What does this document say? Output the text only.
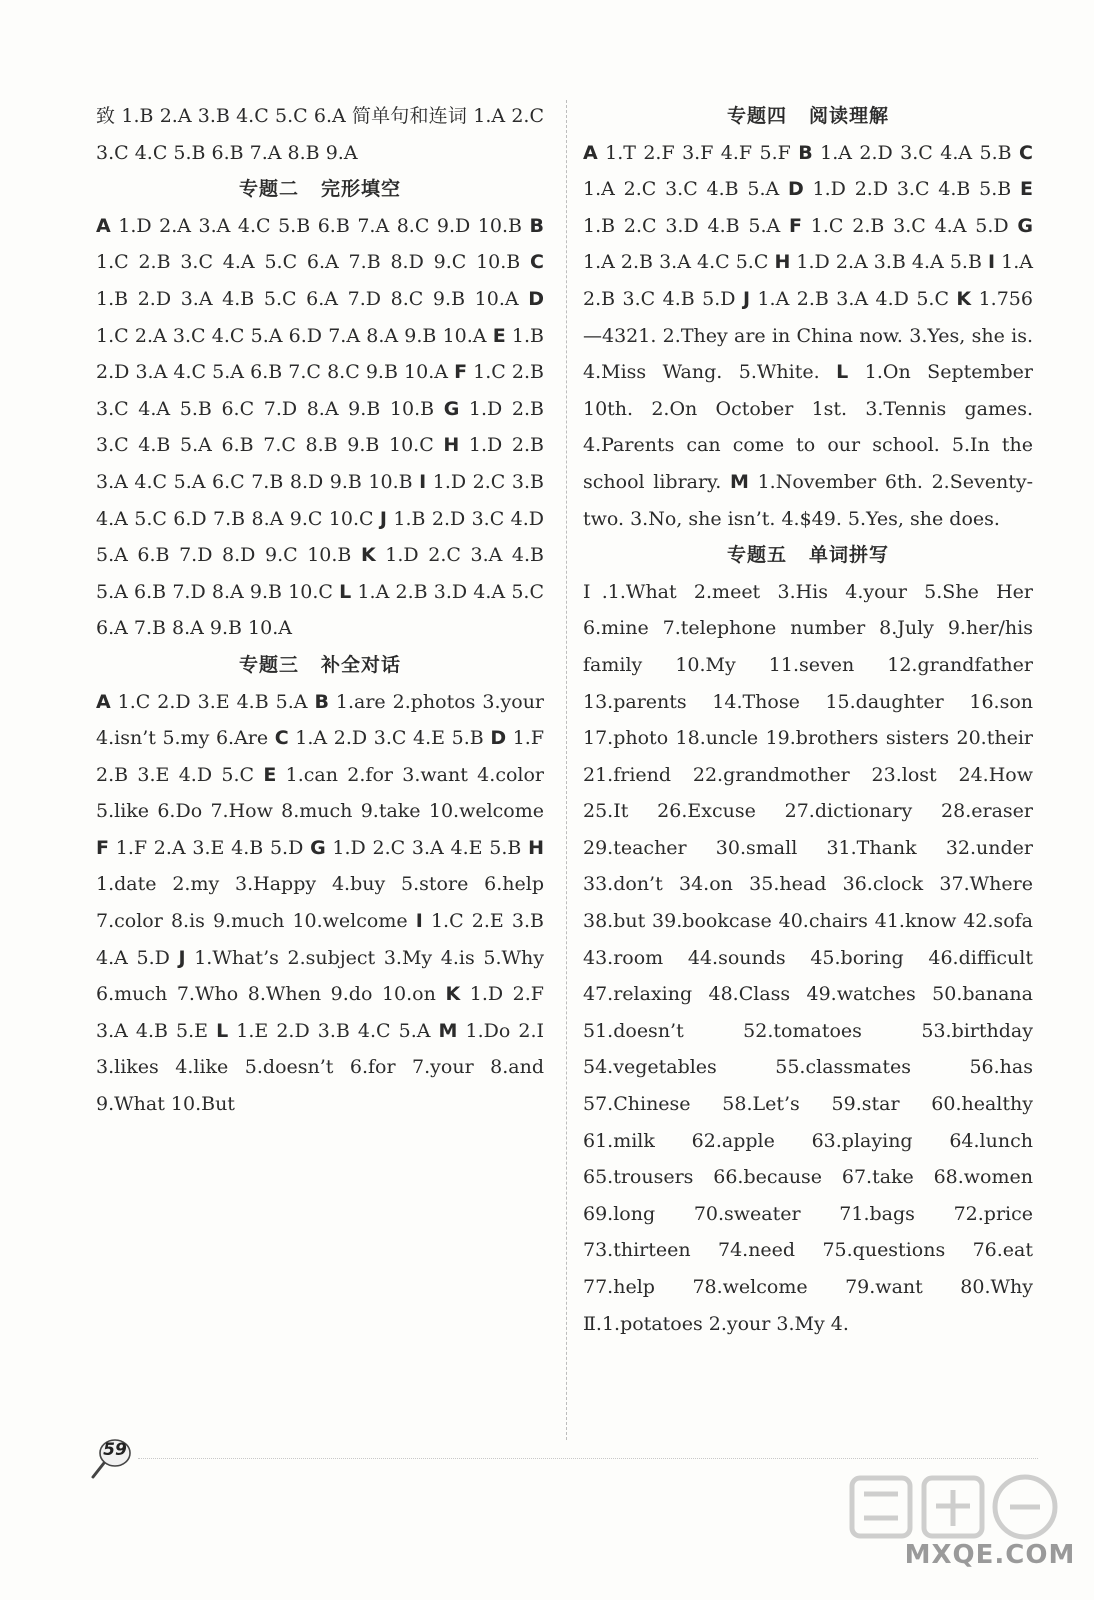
致 1.B 2.A 3.B 4.C 5.C 6.A 简单句和连词 1.A 2.C 3.C 4.C 5.B 6.B 7.A 8.B 9.A
专题二 完形填空
A 1.D 2.A 3.A 4.C 5.B 6.B 7.A 8.C 9.D 10.B B 1.C 2.B 3.C 4.A 5.C 6.A 7.B 8.D 9.C 10.B C 1.B 2.D 3.A 4.B 5.C 6.A 7.D 8.C 9.B 10.A D 1.C 2.A 3.C 4.C 5.A 6.D 7.A 8.A 9.B 10.A E 1.B 2.D 3.A 4.C 5.A 6.B 7.C 8.C 9.B 10.A F 1.C 2.B 3.C 4.A 5.B 6.C 7.D 8.A 9.B 10.B G 1.D 2.B 3.C 4.B 5.A 6.B 7.C 8.B 9.B 10.C H 1.D 2.B 3.A 4.C 5.A 6.C 7.B 8.D 9.B 10.B I 1.D 2.C 3.B 4.A 5.C 6.D 7.B 8.A 9.C 10.C J 1.B 2.D 3.C 4.D 5.A 6.B 7.D 8.D 9.C 10.B K 1.D 2.C 3.A 4.B 5.A 6.B 7.D 8.A 9.B 10.C L 1.A 2.B 3.D 4.A 5.C 6.A 7.B 8.A 9.B 10.A
专题三 补全对话
A 1.C 2.D 3.E 4.B 5.A B 1.are 2.photos 3.your 4.isn’t 5.my 6.Are C 1.A 2.D 3.C 4.E 5.B D 1.F 2.B 3.E 4.D 5.C E 1.can 2.for 3.want 4.color 5.like 6.Do 7.How 8.much 9.take 10.welcome F 1.F 2.A 3.E 4.B 5.D G 1.D 2.C 3.A 4.E 5.B H 1.date 2.my 3.Happy 4.buy 5.store 6.help 7.color 8.is 9.much 10.welcome I 1.C 2.E 3.B 4.A 5.D J 1.What’s 2.subject 3.My 4.is 5.Why 6.much 7.Who 8.When 9.do 10.on K 1.D 2.F 3.A 4.B 5.E L 1.E 2.D 3.B 4.C 5.A M 1.Do 2.I 3.likes 4.like 5.doesn’t 6.for 7.your 8.and 9.What 10.But
专题四 阅读理解
A 1.T 2.F 3.F 4.F 5.F B 1.A 2.D 3.C 4.A 5.B C 1.A 2.C 3.C 4.B 5.A D 1.D 2.D 3.C 4.B 5.B E 1.B 2.C 3.D 4.B 5.A F 1.C 2.B 3.C 4.A 5.D G 1.A 2.B 3.A 4.C 5.C H 1.D 2.A 3.B 4.A 5.B I 1.A 2.B 3.C 4.B 5.D J 1.A 2.B 3.A 4.D 5.C K 1.756—4321. 2.They are in China now. 3.Yes, she is. 4.Miss Wang. 5.White. L 1.On September 10th. 2.On October 1st. 3.Tennis games. 4.Parents can come to our school. 5.In the school library. M 1.November 6th. 2.Seventy-two. 3.No, she isn’t. 4.$49. 5.Yes, she does.
专题五 单词拼写
Ⅰ.1.What 2.meet 3.His 4.your 5.She Her 6.mine 7.telephone number 8.July 9.her/his family 10.My 11.seven 12.grandfather 13.parents 14.Those 15.daughter 16.son 17.photo 18.uncle 19.brothers sisters 20.their 21.friend 22.grandmother 23.lost 24.How 25.It 26.Excuse 27.dictionary 28.eraser 29.teacher 30.small 31.Thank 32.under 33.don’t 34.on 35.head 36.clock 37.Where 38.but 39.bookcase 40.chairs 41.know 42.sofa 43.room 44.sounds 45.boring 46.difficult 47.relaxing 48.Class 49.watches 50.banana 51.doesn’t 52.tomatoes 53.birthday 54.vegetables 55.classmates 56.has 57.Chinese 58.Let’s 59.star 60.healthy 61.milk 62.apple 63.playing 64.lunch 65.trousers 66.because 67.take 68.women 69.long 70.sweater 71.bags 72.price 73.thirteen 74.need 75.questions 76.eat 77.help 78.welcome 79.want 80.Why Ⅱ.1.potatoes 2.your 3.My 4.
59
MXQE.COM
